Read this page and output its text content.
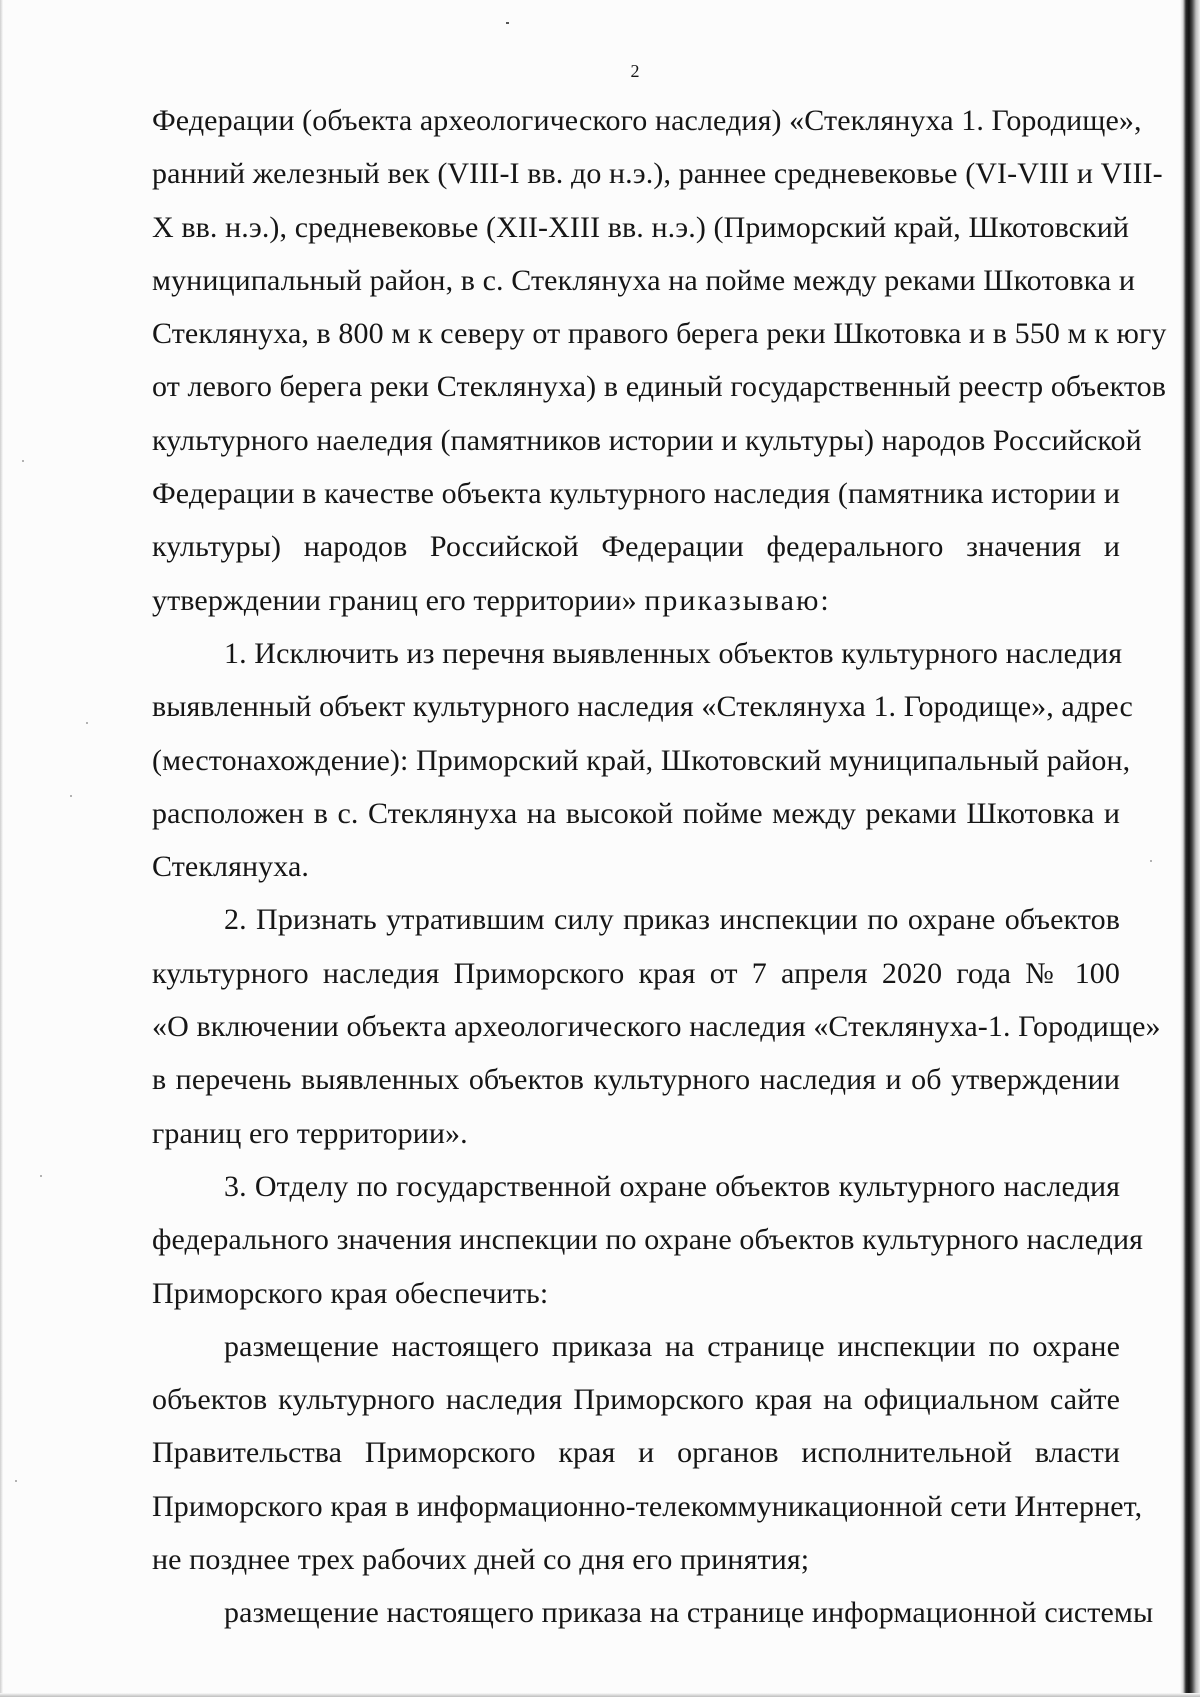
2
Федерации (объекта археологического наследия) «Стеклянуха 1. Городище»,
ранний железный век (VIII-I вв. до н.э.), раннее средневековье (VI-VIII и VIII-
X вв. н.э.), средневековье (XII-XIII вв. н.э.) (Приморский край, Шкотовский
муниципальный район, в с. Стеклянуха на пойме между реками Шкотовка и
Стеклянуха, в 800 м к северу от правого берега реки Шкотовка и в 550 м к югу
от левого берега реки Стеклянуха) в единый государственный реестр объектов
культурного наеледия (памятников истории и культуры) народов Российской
Федерации в качестве объекта культурного наследия (памятника истории и
культуры) народов Российской Федерации федерального значения и
утверждении границ его территории» приказываю:
1. Исключить из перечня выявленных объектов культурного наследия
выявленный объект культурного наследия «Стеклянуха 1. Городище», адрес
(местонахождение): Приморский край, Шкотовский муниципальный район,
расположен в с. Стеклянуха на высокой пойме между реками Шкотовка и
Стеклянуха.
2. Признать утратившим силу приказ инспекции по охране объектов
культурного наследия Приморского края от 7 апреля 2020 года № 100
«О включении объекта археологического наследия «Стеклянуха-1. Городище»
в перечень выявленных объектов культурного наследия и об утверждении
границ его территории».
3. Отделу по государственной охране объектов культурного наследия
федерального значения инспекции по охране объектов культурного наследия
Приморского края обеспечить:
размещение настоящего приказа на странице инспекции по охране
объектов культурного наследия Приморского края на официальном сайте
Правительства Приморского края и органов исполнительной власти
Приморского края в информационно-телекоммуникационной сети Интернет,
не позднее трех рабочих дней со дня его принятия;
размещение настоящего приказа на странице информационной системы
